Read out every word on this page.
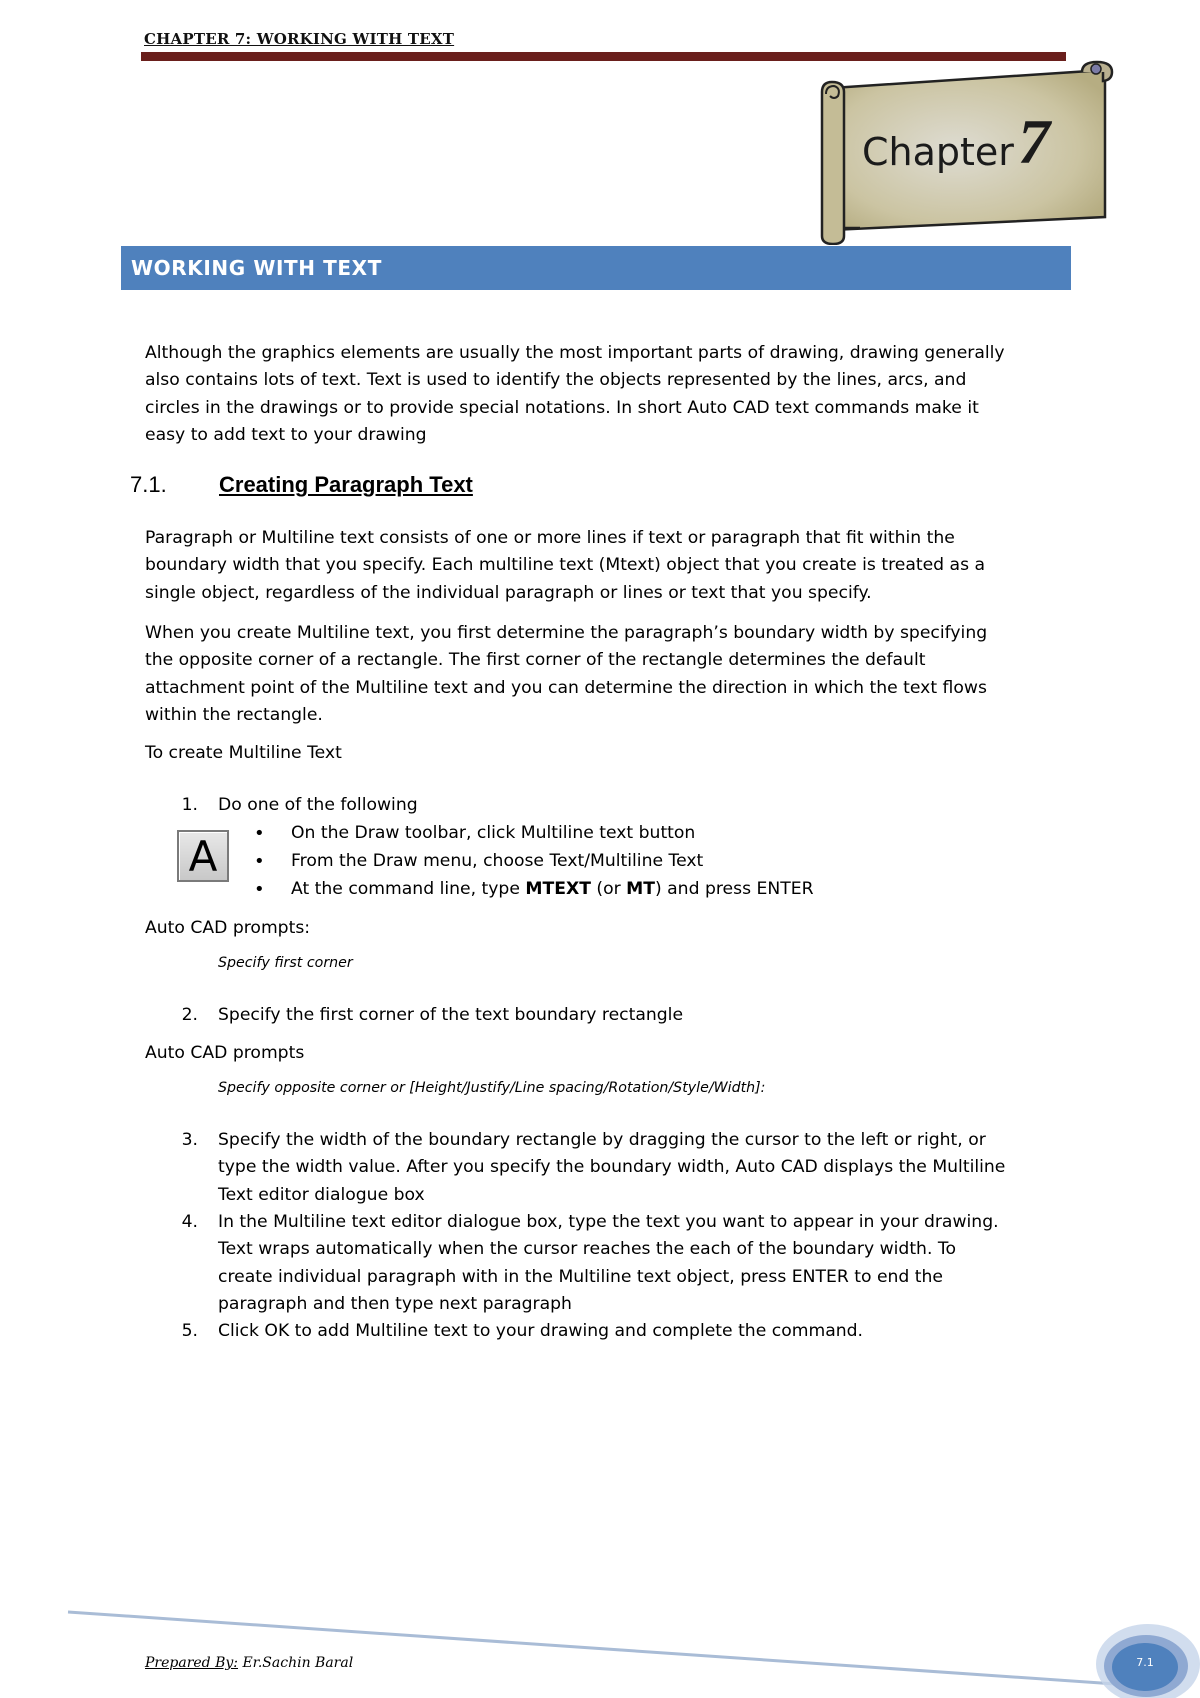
CHAPTER 7: WORKING WITH TEXT
Chapter 7
WORKING WITH TEXT
Although the graphics elements are usually the most important parts of drawing, drawing generally
also contains lots of text. Text is used to identify the objects represented by the lines, arcs, and
circles in the drawings or to provide special notations. In short Auto CAD text commands make it
easy to add text to your drawing
7.1. Creating Paragraph Text
Paragraph or Multiline text consists of one or more lines if text or paragraph that fit within the
boundary width that you specify. Each multiline text (Mtext) object that you create is treated as a
single object, regardless of the individual paragraph or lines or text that you specify.
When you create Multiline text, you first determine the paragraph’s boundary width by specifying
the opposite corner of a rectangle. The first corner of the rectangle determines the default
attachment point of the Multiline text and you can determine the direction in which the text flows
within the rectangle.
To create Multiline Text
1. Do one of the following
A	• On the Draw toolbar, click Multiline text button
• From the Draw menu, choose Text/Multiline Text
• At the command line, type MTEXT (or MT) and press ENTER
Auto CAD prompts:
Specify first corner
2. Specify the first corner of the text boundary rectangle
Auto CAD prompts
Specify opposite corner or [Height/Justify/Line spacing/Rotation/Style/Width]:
3. Specify the width of the boundary rectangle by dragging the cursor to the left or right, or
type the width value. After you specify the boundary width, Auto CAD displays the Multiline
Text editor dialogue box
4. In the Multiline text editor dialogue box, type the text you want to appear in your drawing.
Text wraps automatically when the cursor reaches the each of the boundary width. To
create individual paragraph with in the Multiline text object, press ENTER to end the
paragraph and then type next paragraph
5. Click OK to add Multiline text to your drawing and complete the command.
Prepared By: Er.Sachin Baral	7.1
